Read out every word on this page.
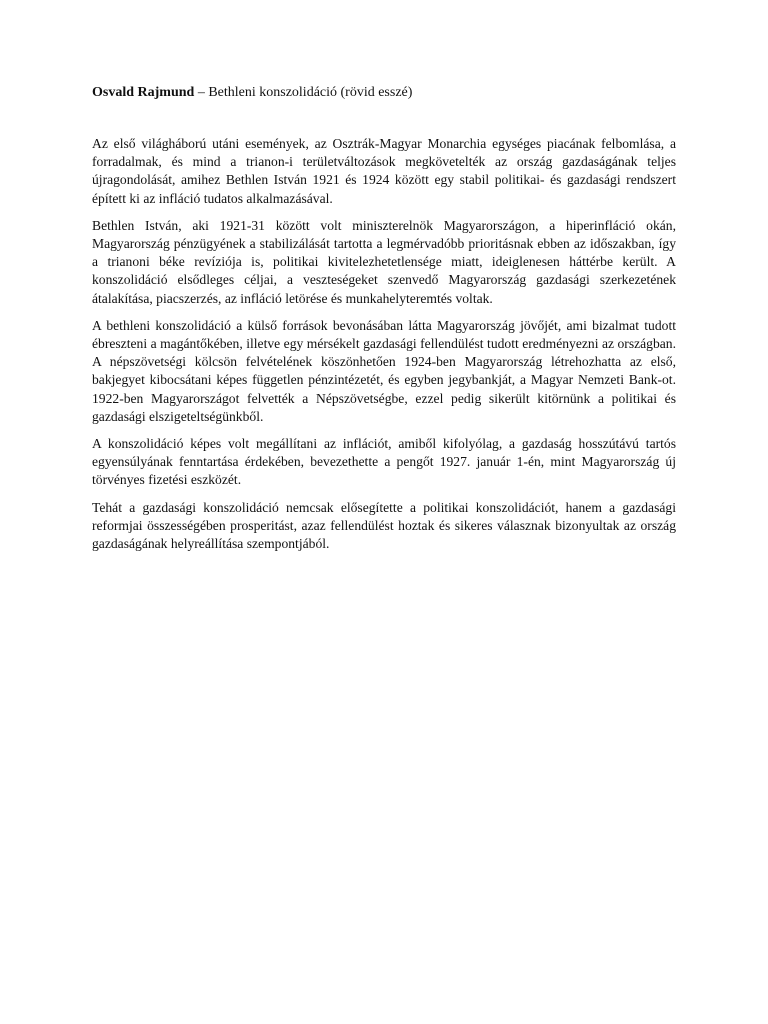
Osvald Rajmund – Bethleni konszolidáció (rövid esszé)

Az első világháború utáni események, az Osztrák-Magyar Monarchia egységes piacának felbomlása, a forradalmak, és mind a trianon-i területváltozások megkövetelték az ország gazdaságának teljes újragondolását, amihez Bethlen István 1921 és 1924 között egy stabil politikai- és gazdasági rendszert épített ki az infláció tudatos alkalmazásával.

Bethlen István, aki 1921-31 között volt miniszterelnök Magyarországon, a hiperinfláció okán, Magyarország pénzügyének a stabilizálását tartotta a legmérvadóbb prioritásnak ebben az időszakban, így a trianoni béke revíziója is, politikai kivitelezhetetlensége miatt, ideiglenesen háttérbe került. A konszolidáció elsődleges céljai, a veszteségeket szenvedő Magyarország gazdasági szerkezetének átalakítása, piacszerzés, az infláció letörése és munkahelyteremtés voltak.

A bethleni konszolidáció a külső források bevonásában látta Magyarország jövőjét, ami bizalmat tudott ébreszteni a magántőkében, illetve egy mérsékelt gazdasági fellendülést tudott eredményezni az országban. A népszövetségi kölcsön felvételének köszönhetően 1924-ben Magyarország létrehozhatta az első, bakjegyet kibocsátani képes független pénzintézetét, és egyben jegybankját, a Magyar Nemzeti Bank-ot. 1922-ben Magyarországot felvették a Népszövetségbe, ezzel pedig sikerült kitörnünk a politikai és gazdasági elszigeteltségünkből.

A konszolidáció képes volt megállítani az inflációt, amiből kifolyólag, a gazdaság hosszútávú tartós egyensúlyának fenntartása érdekében, bevezethette a pengőt 1927. január 1-én, mint Magyarország új törvényes fizetési eszközét.

Tehát a gazdasági konszolidáció nemcsak elősegítette a politikai konszolidációt, hanem a gazdasági reformjai összességében prosperitást, azaz fellendülést hoztak és sikeres válasznak bizonyultak az ország gazdaságának helyreállítása szempontjából.
